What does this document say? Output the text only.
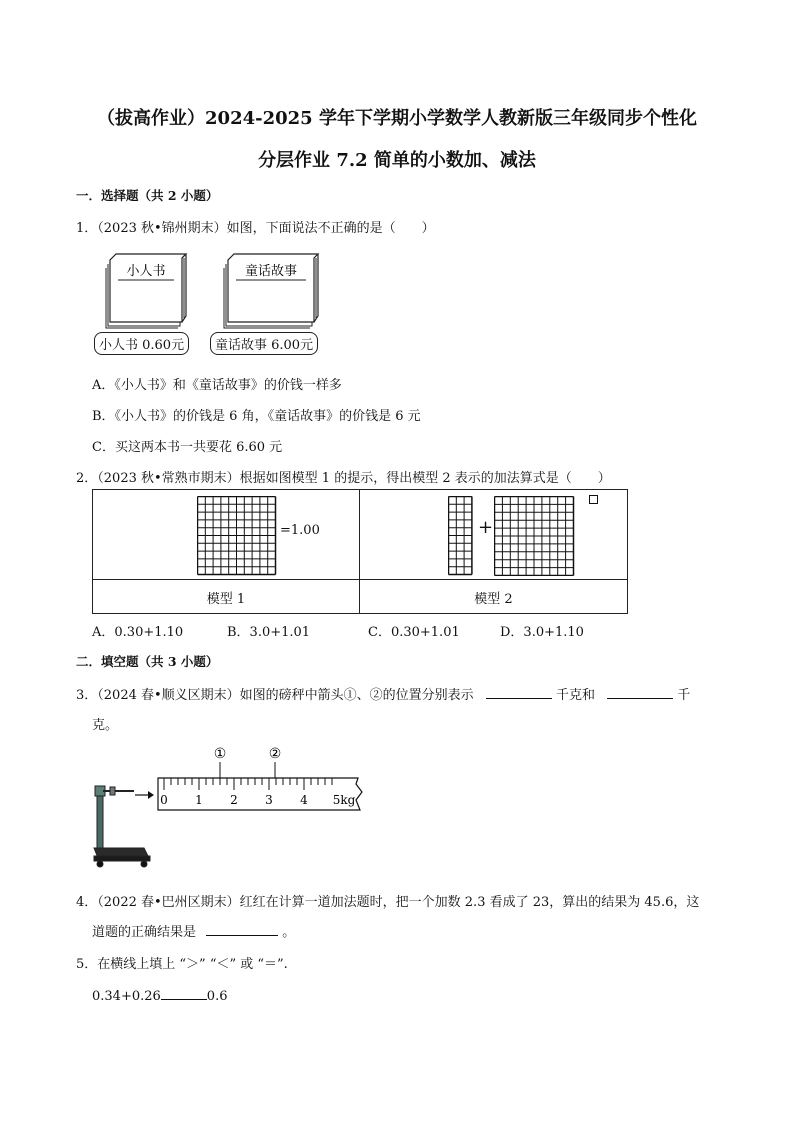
（拔高作业）2024-2025 学年下学期小学数学人教新版三年级同步个性化
分层作业 7.2 简单的小数加、减法
一．选择题（共 2 小题）
1．（2023 秋•锦州期末）如图，下面说法不正确的是（　　）
小人书	童话故事
小人书 0.60元	童话故事 6.00元
A．《小人书》和《童话故事》的价钱一样多
B．《小人书》的价钱是 6 角，《童话故事》的价钱是 6 元
C．买这两本书一共要花 6.60 元
2．（2023 秋•常熟市期末）根据如图模型 1 的提示，得出模型 2 表示的加法算式是（　　）
=1.00	+
模型 1	模型 2
A．0.30+1.10	B．3.0+1.01	C．0.30+1.01	D．3.0+1.10
二．填空题（共 3 小题）
3．（2024 春•顺义区期末）如图的磅秤中箭头①、②的位置分别表示	千克和	千
克。
①	②
0 1 2 3 4 5kg
4．（2022 春•巴州区期末）红红在计算一道加法题时，把一个加数 2.3 看成了 23，算出的结果为 45.6，这
道题的正确结果是	。
5．在横线上填上 “＞” “＜” 或 “＝”.
0.34+0.26	0.6
